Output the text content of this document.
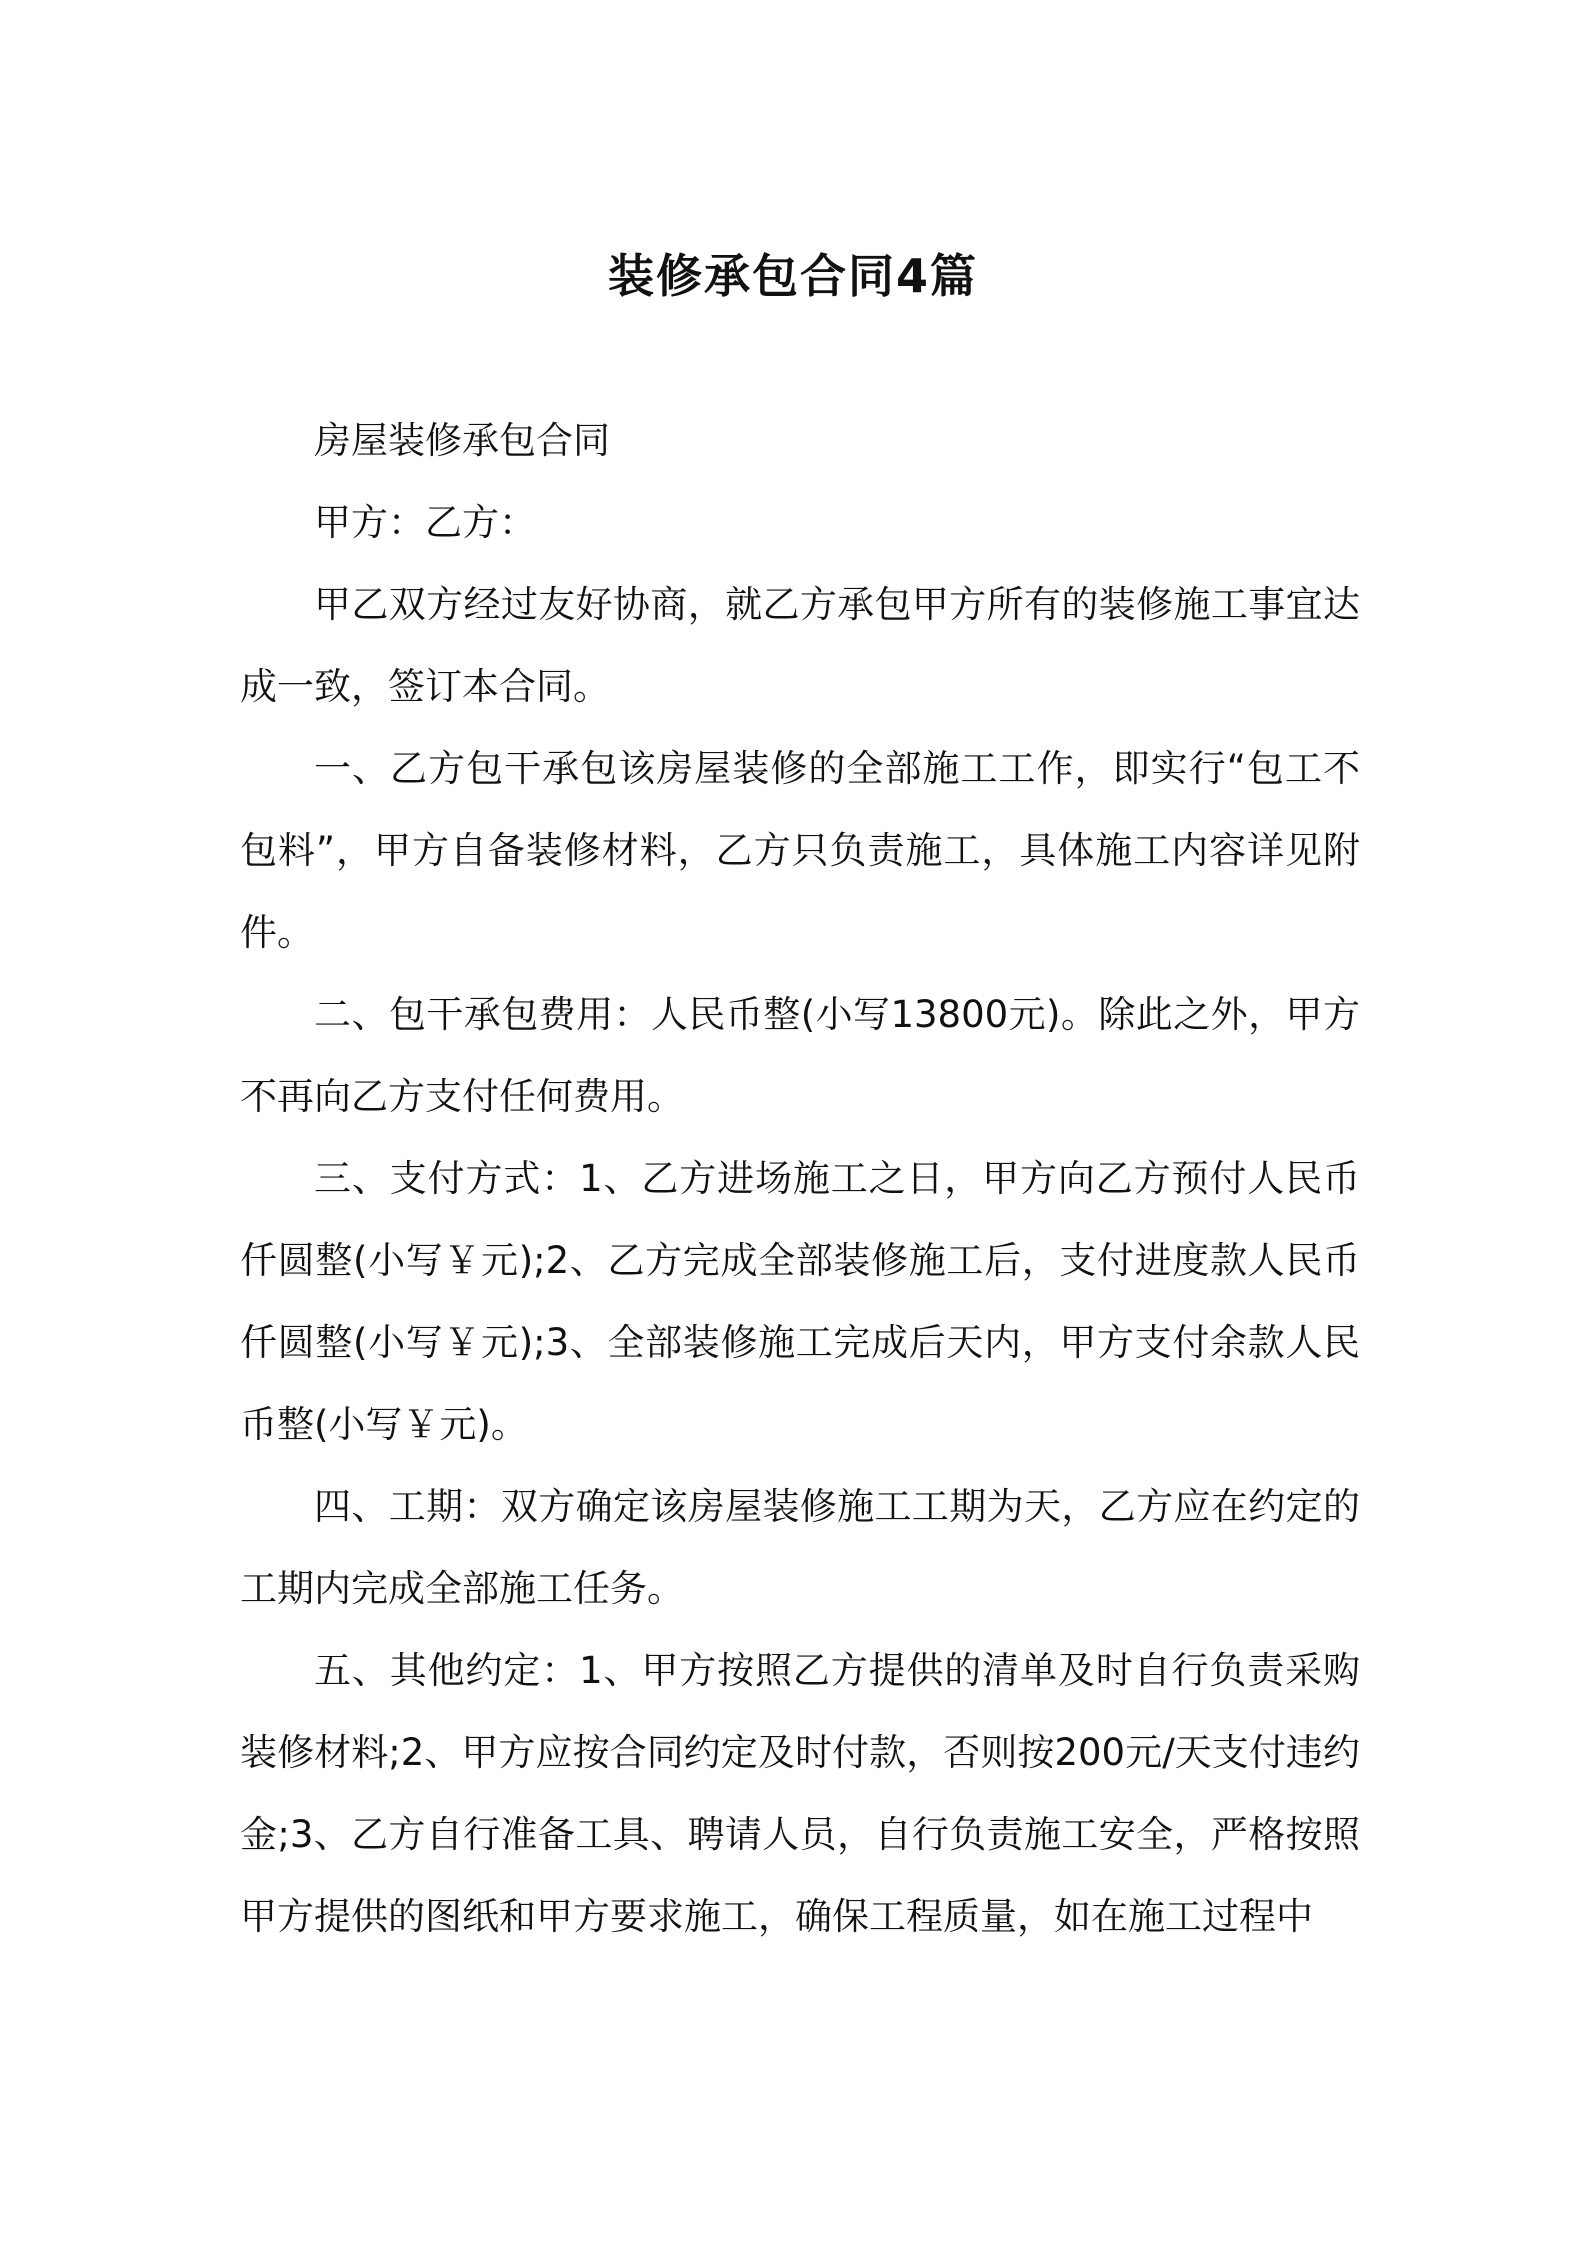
装修承包合同4篇

房屋装修承包合同

甲方：乙方：

甲乙双方经过友好协商，就乙方承包甲方所有的装修施工事宜达成一致，签订本合同。

一、乙方包干承包该房屋装修的全部施工工作，即实行“包工不包料”，甲方自备装修材料，乙方只负责施工，具体施工内容详见附件。

二、包干承包费用：人民币整(小写13800元)。除此之外，甲方不再向乙方支付任何费用。

三、支付方式：1、乙方进场施工之日，甲方向乙方预付人民币仟圆整(小写￥元);2、乙方完成全部装修施工后，支付进度款人民币仟圆整(小写￥元);3、全部装修施工完成后天内，甲方支付余款人民币整(小写￥元)。

四、工期：双方确定该房屋装修施工工期为天，乙方应在约定的工期内完成全部施工任务。

五、其他约定：1、甲方按照乙方提供的清单及时自行负责采购装修材料;2、甲方应按合同约定及时付款，否则按200元/天支付违约金;3、乙方自行准备工具、聘请人员，自行负责施工安全，严格按照甲方提供的图纸和甲方要求施工，确保工程质量，如在施工过程中
